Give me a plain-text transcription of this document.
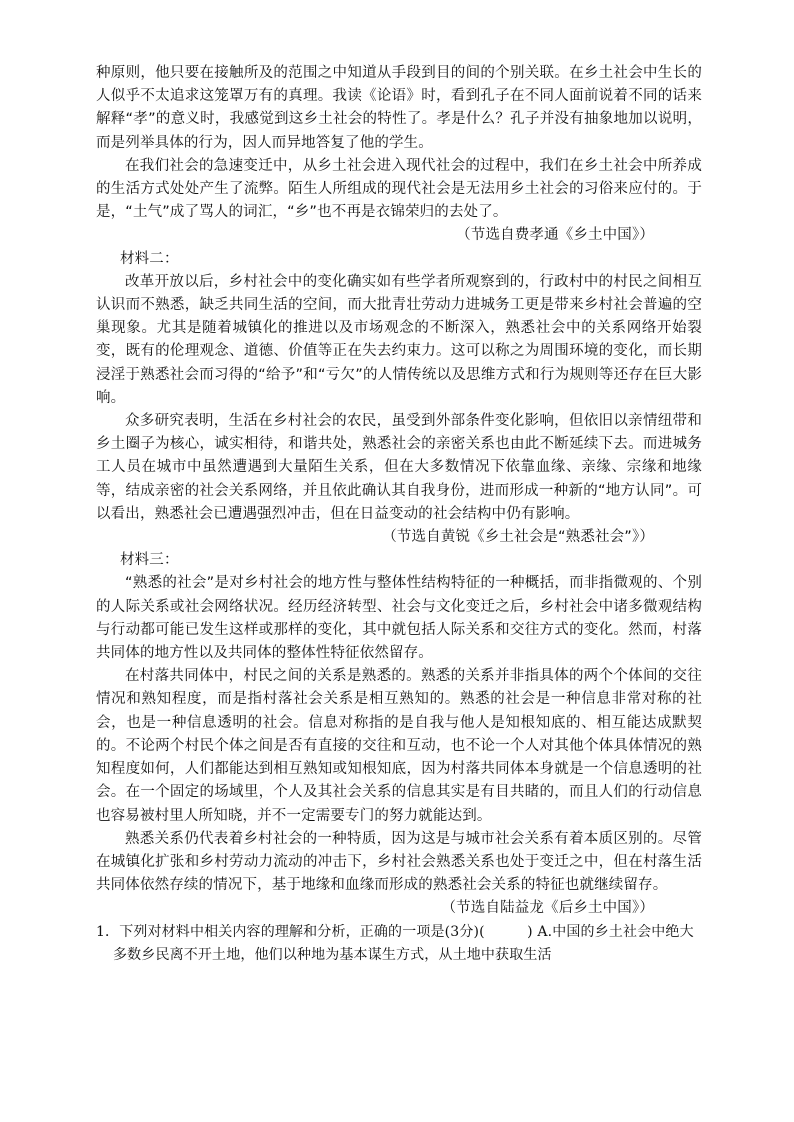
种原则，他只要在接触所及的范围之中知道从手段到目的间的个别关联。在乡土社会中生长的人似乎不太追求这笼罩万有的真理。我读《论语》时，看到孔子在不同人面前说着不同的话来解释“孝”的意义时，我感觉到这乡土社会的特性了。孝是什么？孔子并没有抽象地加以说明，而是列举具体的行为，因人而异地答复了他的学生。

在我们社会的急速变迁中，从乡土社会进入现代社会的过程中，我们在乡土社会中所养成的生活方式处处产生了流弊。陌生人所组成的现代社会是无法用乡土社会的习俗来应付的。于是，“土气”成了骂人的词汇，“乡”也不再是衣锦荣归的去处了。

（节选自费孝通《乡土中国》）

材料二：

改革开放以后，乡村社会中的变化确实如有些学者所观察到的，行政村中的村民之间相互认识而不熟悉，缺乏共同生活的空间，而大批青壮劳动力进城务工更是带来乡村社会普遍的空巢现象。尤其是随着城镇化的推进以及市场观念的不断深入，熟悉社会中的关系网络开始裂变，既有的伦理观念、道德、价值等正在失去约束力。这可以称之为周围环境的变化，而长期浸淫于熟悉社会而习得的“给予”和“亏欠”的人情传统以及思维方式和行为规则等还存在巨大影响。

众多研究表明，生活在乡村社会的农民，虽受到外部条件变化影响，但依旧以亲情纽带和乡土圈子为核心，诚实相待，和谐共处，熟悉社会的亲密关系也由此不断延续下去。而进城务工人员在城市中虽然遭遇到大量陌生关系，但在大多数情况下依靠血缘、亲缘、宗缘和地缘等，结成亲密的社会关系网络，并且依此确认其自我身份，进而形成一种新的“地方认同”。可以看出，熟悉社会已遭遇强烈冲击，但在日益变动的社会结构中仍有影响。

（节选自黄锐《乡土社会是“熟悉社会”》）

材料三：

“熟悉的社会”是对乡村社会的地方性与整体性结构特征的一种概括，而非指微观的、个别的人际关系或社会网络状况。经历经济转型、社会与文化变迁之后，乡村社会中诸多微观结构与行动都可能已发生这样或那样的变化，其中就包括人际关系和交往方式的变化。然而，村落共同体的地方性以及共同体的整体性特征依然留存。

在村落共同体中，村民之间的关系是熟悉的。熟悉的关系并非指具体的两个个体间的交往情况和熟知程度，而是指村落社会关系是相互熟知的。熟悉的社会是一种信息非常对称的社会，也是一种信息透明的社会。信息对称指的是自我与他人是知根知底的、相互能达成默契的。不论两个村民个体之间是否有直接的交往和互动，也不论一个人对其他个体具体情况的熟知程度如何，人们都能达到相互熟知或知根知底，因为村落共同体本身就是一个信息透明的社会。在一个固定的场域里，个人及其社会关系的信息其实是有目共睹的，而且人们的行动信息也容易被村里人所知晓，并不一定需要专门的努力就能达到。

熟悉关系仍代表着乡村社会的一种特质，因为这是与城市社会关系有着本质区别的。尽管在城镇化扩张和乡村劳动力流动的冲击下，乡村社会熟悉关系也处于变迁之中，但在村落生活共同体依然存续的情况下，基于地缘和血缘而形成的熟悉社会关系的特征也就继续留存。

（节选自陆益龙《后乡土中国》）

1．下列对材料中相关内容的理解和分析，正确的一项是(3分)(　　　) A.中国的乡土社会中绝大
多数乡民离不开土地，他们以种地为基本谋生方式，从土地中获取生活
